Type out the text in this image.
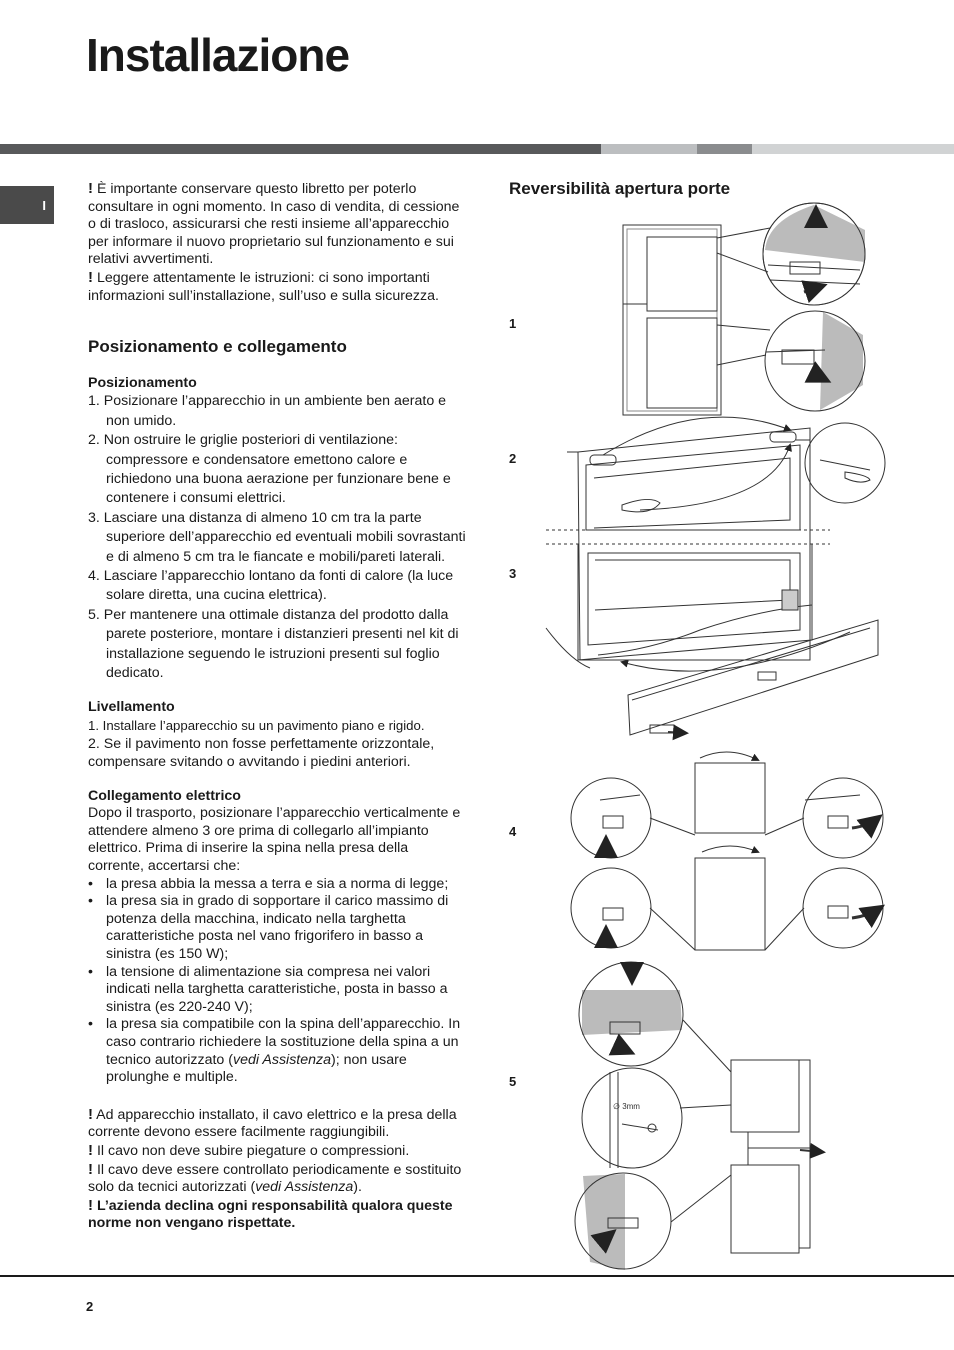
Installazione
I

! È importante conservare questo libretto per poterlo consultare in ogni momento. In caso di vendita, di cessione o di trasloco, assicurarsi che resti insieme all’apparecchio per informare il nuovo proprietario sul funzionamento e sui relativi avvertimenti.

! Leggere attentamente le istruzioni: ci sono importanti informazioni sull’installazione, sull’uso e sulla sicurezza.

Posizionamento e collegamento
Posizionamento
1. Posizionare l’apparecchio in un ambiente ben aerato e non umido.
2. Non ostruire le griglie posteriori di ventilazione: compressore e condensatore emettono calore e richiedono una buona aerazione per funzionare bene e contenere i consumi elettrici.
3. Lasciare una distanza di almeno 10 cm tra la parte superiore dell’apparecchio ed eventuali mobili sovrastanti e di almeno 5 cm tra le fiancate e mobili/pareti laterali.
4. Lasciare l’apparecchio lontano da fonti di calore (la luce solare diretta, una cucina elettrica).
5. Per mantenere una ottimale distanza del prodotto dalla parete posteriore, montare i distanzieri presenti nel kit di installazione seguendo le istruzioni presenti sul foglio dedicato.
Livellamento

1. Installare l’apparecchio su un pavimento piano e rigido.

2. Se il pavimento non fosse perfettamente orizzontale, compensare svitando o avvitando i piedini anteriori.

Collegamento elettrico

Dopo il trasporto, posizionare l’apparecchio verticalmente e attendere almeno 3 ore prima di collegarlo all’impianto elettrico. Prima di inserire la spina nella presa della corrente, accertarsi che:

• la presa abbia la messa a terra e sia a norma di legge;
• la presa sia in grado di sopportare il carico massimo di potenza della macchina, indicato nella targhetta caratteristiche posta nel vano frigorifero in basso a sinistra (es 150 W);
• la tensione di alimentazione sia compresa nei valori indicati nella targhetta caratteristiche, posta in basso a sinistra (es 220-240 V);
• la presa sia compatibile con la spina dell’apparecchio. In caso contrario richiedere la sostituzione della spina a un tecnico autorizzato (vedi Assistenza); non usare prolunghe e multiple.

! Ad apparecchio installato, il cavo elettrico e la presa della corrente devono essere facilmente raggiungibili.

! Il cavo non deve subire piegature o compressioni.

! Il cavo deve essere controllato periodicamente e sostituito solo da tecnici autorizzati (vedi Assistenza).

! L’azienda declina ogni responsabilità qualora queste norme non vengano rispettate.

Reversibilità apertura porte
1
2
3
4
5
∅ 3mm
2
